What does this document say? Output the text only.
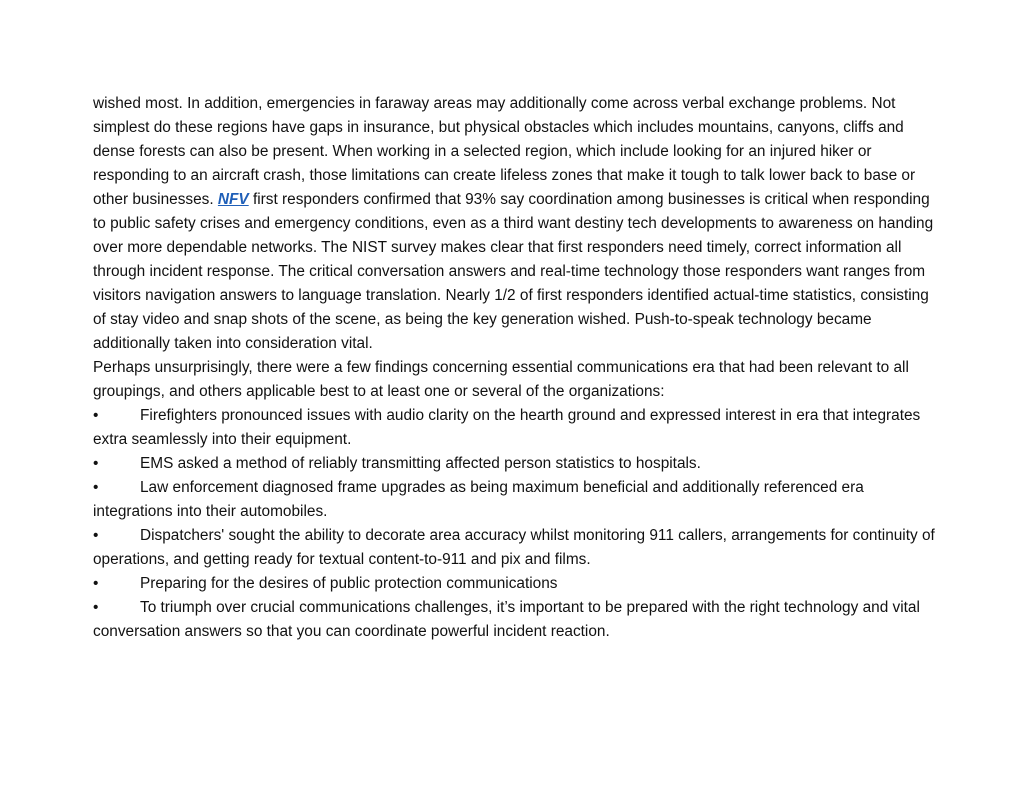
wished most. In addition, emergencies in faraway areas may additionally come across verbal exchange problems. Not simplest do these regions have gaps in insurance, but physical obstacles which includes mountains, canyons, cliffs and dense forests can also be present. When working in a selected region, which include looking for an injured hiker or responding to an aircraft crash, those limitations can create lifeless zones that make it tough to talk lower back to base or other businesses. NFV first responders confirmed that 93% say coordination among businesses is critical when responding to public safety crises and emergency conditions, even as a third want destiny tech developments to awareness on handing over more dependable networks. The NIST survey makes clear that first responders need timely, correct information all through incident response. The critical conversation answers and real-time technology those responders want ranges from visitors navigation answers to language translation. Nearly 1/2 of first responders identified actual-time statistics, consisting of stay video and snap shots of the scene, as being the key generation wished. Push-to-speak technology became additionally taken into consideration vital.

Perhaps unsurprisingly, there were a few findings concerning essential communications era that had been relevant to all groupings, and others applicable best to at least one or several of the organizations:

•	Firefighters pronounced issues with audio clarity on the hearth ground and expressed interest in era that integrates extra seamlessly into their equipment.

•	EMS asked a method of reliably transmitting affected person statistics to hospitals.

•	Law enforcement diagnosed frame upgrades as being maximum beneficial and additionally referenced era integrations into their automobiles.

•	Dispatchers' sought the ability to decorate area accuracy whilst monitoring 911 callers, arrangements for continuity of operations, and getting ready for textual content-to-911 and pix and films.

•	Preparing for the desires of public protection communications

•	To triumph over crucial communications challenges, it’s important to be prepared with the right technology and vital conversation answers so that you can coordinate powerful incident reaction.
